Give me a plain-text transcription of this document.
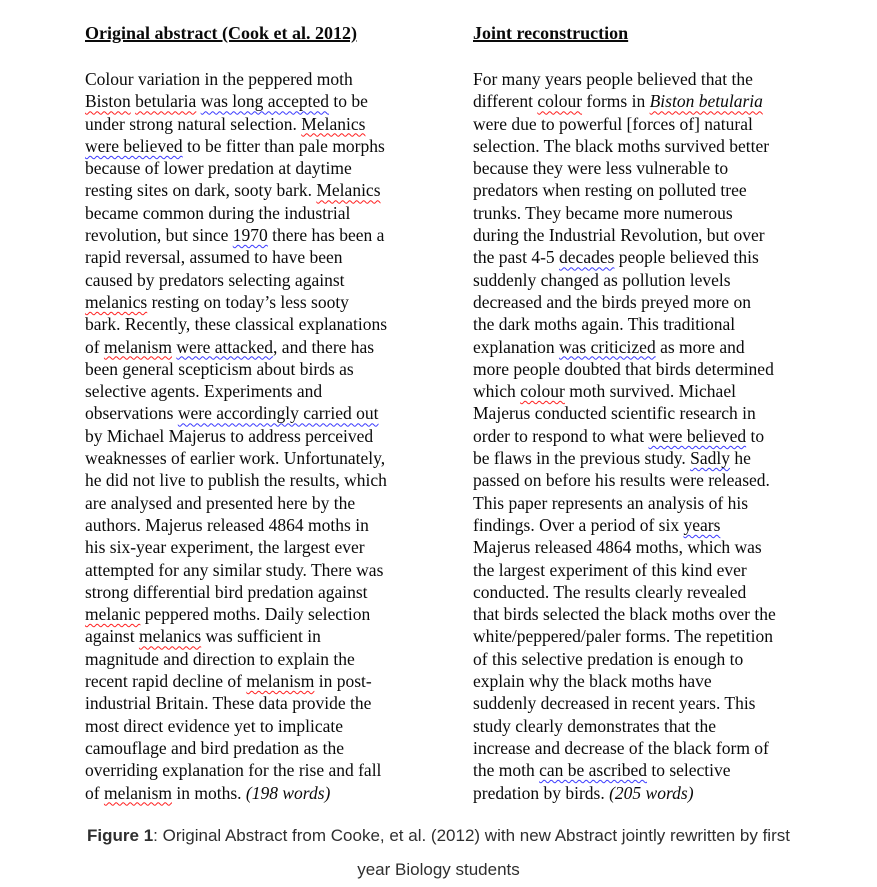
Original abstract (Cook et al. 2012)
Colour variation in the peppered moth
Biston betularia was long accepted to be
under strong natural selection. Melanics
were believed to be fitter than pale morphs
because of lower predation at daytime
resting sites on dark, sooty bark. Melanics
became common during the industrial
revolution, but since 1970 there has been a
rapid reversal, assumed to have been
caused by predators selecting against
melanics resting on today’s less sooty
bark. Recently, these classical explanations
of melanism were attacked, and there has
been general scepticism about birds as
selective agents. Experiments and
observations were accordingly carried out
by Michael Majerus to address perceived
weaknesses of earlier work. Unfortunately,
he did not live to publish the results, which
are analysed and presented here by the
authors. Majerus released 4864 moths in
his six-year experiment, the largest ever
attempted for any similar study. There was
strong differential bird predation against
melanic peppered moths. Daily selection
against melanics was sufficient in
magnitude and direction to explain the
recent rapid decline of melanism in post-
industrial Britain. These data provide the
most direct evidence yet to implicate
camouflage and bird predation as the
overriding explanation for the rise and fall
of melanism in moths. (198 words)
Joint reconstruction
For many years people believed that the
different colour forms in Biston betularia
were due to powerful [forces of] natural
selection. The black moths survived better
because they were less vulnerable to
predators when resting on polluted tree
trunks. They became more numerous
during the Industrial Revolution, but over
the past 4-5 decades people believed this
suddenly changed as pollution levels
decreased and the birds preyed more on
the dark moths again. This traditional
explanation was criticized as more and
more people doubted that birds determined
which colour moth survived. Michael
Majerus conducted scientific research in
order to respond to what were believed to
be flaws in the previous study. Sadly he
passed on before his results were released.
This paper represents an analysis of his
findings. Over a period of six years
Majerus released 4864 moths, which was
the largest experiment of this kind ever
conducted. The results clearly revealed
that birds selected the black moths over the
white/peppered/paler forms. The repetition
of this selective predation is enough to
explain why the black moths have
suddenly decreased in recent years. This
study clearly demonstrates that the
increase and decrease of the black form of
the moth can be ascribed to selective
predation by birds. (205 words)

Figure 1: Original Abstract from Cooke, et al. (2012) with new Abstract jointly rewritten by first
year Biology students
